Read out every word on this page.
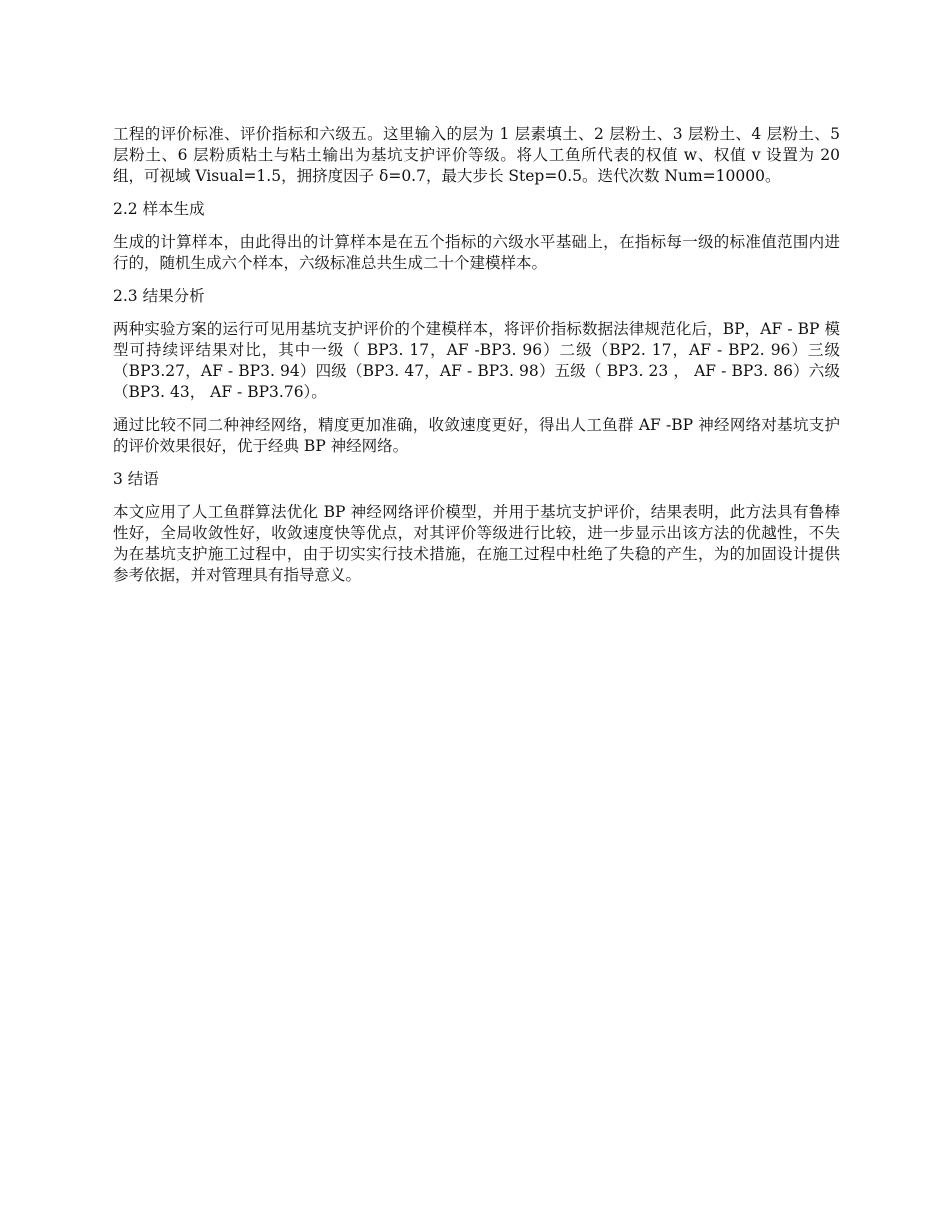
工程的评价标准、评价指标和六级五。这里输入的层为 1 层素填土、2 层粉土、3 层粉土、4 层粉土、5 层粉土、6 层粉质粘土与粘土输出为基坑支护评价等级。将人工鱼所代表的权值 w、权值 v 设置为 20 组，可视域 Visual=1.5，拥挤度因子 δ=0.7，最大步长 Step=0.5。迭代次数 Num=10000。

2.2 样本生成

生成的计算样本，由此得出的计算样本是在五个指标的六级水平基础上，在指标每一级的标准值范围内进行的，随机生成六个样本，六级标准总共生成二十个建模样本。

2.3 结果分析

两种实验方案的运行可见用基坑支护评价的个建模样本，将评价指标数据法律规范化后，BP，AF - BP 模型可持续评结果对比，其中一级（ BP3. 17，AF -BP3. 96）二级（BP2. 17，AF - BP2. 96）三级（BP3.27，AF - BP3. 94）四级（BP3. 47，AF - BP3. 98）五级（ BP3. 23 ， AF - BP3. 86）六级（BP3. 43， AF - BP3.76）。

通过比较不同二种神经网络，精度更加准确，收敛速度更好，得出人工鱼群 AF -BP 神经网络对基坑支护的评价效果很好，优于经典 BP 神经网络。

3 结语

本文应用了人工鱼群算法优化 BP 神经网络评价模型，并用于基坑支护评价，结果表明，此方法具有鲁棒性好，全局收敛性好，收敛速度快等优点，对其评价等级进行比较，进一步显示出该方法的优越性，不失为在基坑支护施工过程中，由于切实实行技术措施，在施工过程中杜绝了失稳的产生，为的加固设计提供参考依据，并对管理具有指导意义。
